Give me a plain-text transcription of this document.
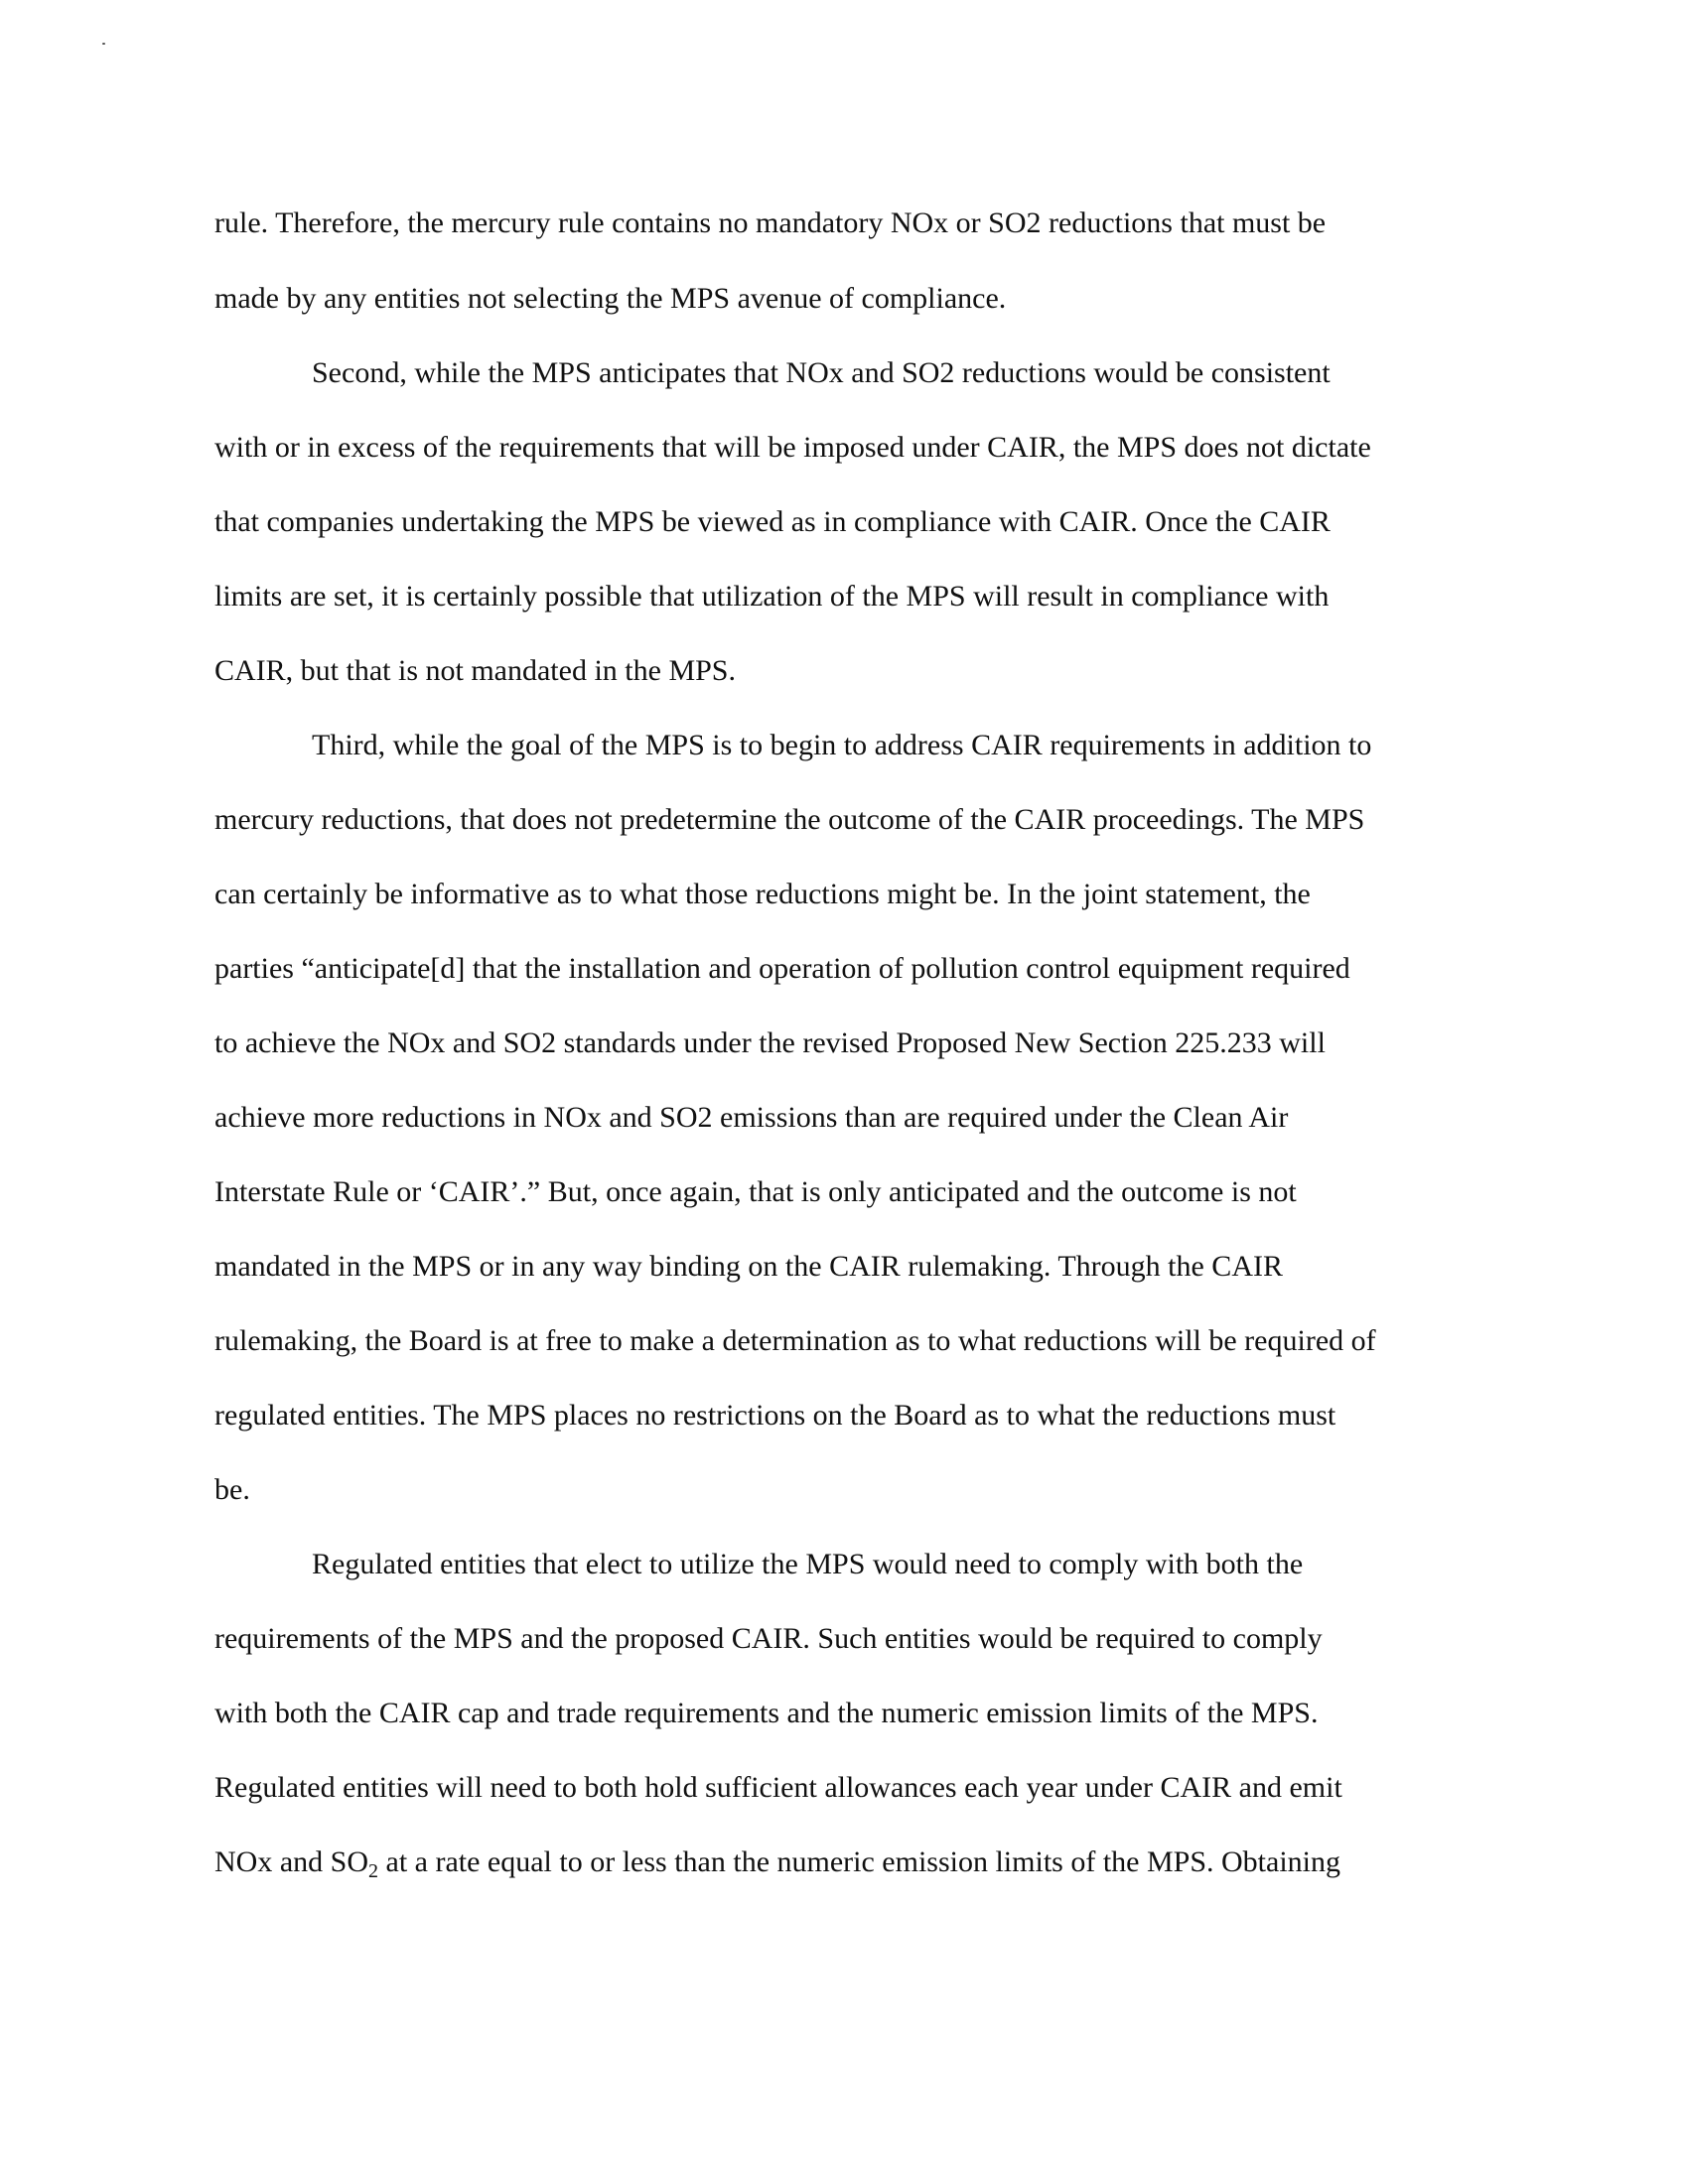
rule. Therefore, the mercury rule contains no mandatory NOx or SO2 reductions that must be
made by any entities not selecting the MPS avenue of compliance.
Second, while the MPS anticipates that NOx and SO2 reductions would be consistent
with or in excess of the requirements that will be imposed under CAIR, the MPS does not dictate
that companies undertaking the MPS be viewed as in compliance with CAIR. Once the CAIR
limits are set, it is certainly possible that utilization of the MPS will result in compliance with
CAIR, but that is not mandated in the MPS.
Third, while the goal of the MPS is to begin to address CAIR requirements in addition to
mercury reductions, that does not predetermine the outcome of the CAIR proceedings. The MPS
can certainly be informative as to what those reductions might be. In the joint statement, the
parties “anticipate[d] that the installation and operation of pollution control equipment required
to achieve the NOx and SO2 standards under the revised Proposed New Section 225.233 will
achieve more reductions in NOx and SO2 emissions than are required under the Clean Air
Interstate Rule or ‘CAIR’.” But, once again, that is only anticipated and the outcome is not
mandated in the MPS or in any way binding on the CAIR rulemaking. Through the CAIR
rulemaking, the Board is at free to make a determination as to what reductions will be required of
regulated entities. The MPS places no restrictions on the Board as to what the reductions must
be.
Regulated entities that elect to utilize the MPS would need to comply with both the
requirements of the MPS and the proposed CAIR. Such entities would be required to comply
with both the CAIR cap and trade requirements and the numeric emission limits of the MPS.
Regulated entities will need to both hold sufficient allowances each year under CAIR and emit
NOx and $SO_2$ at a rate equal to or less than the numeric emission limits of the MPS. Obtaining
